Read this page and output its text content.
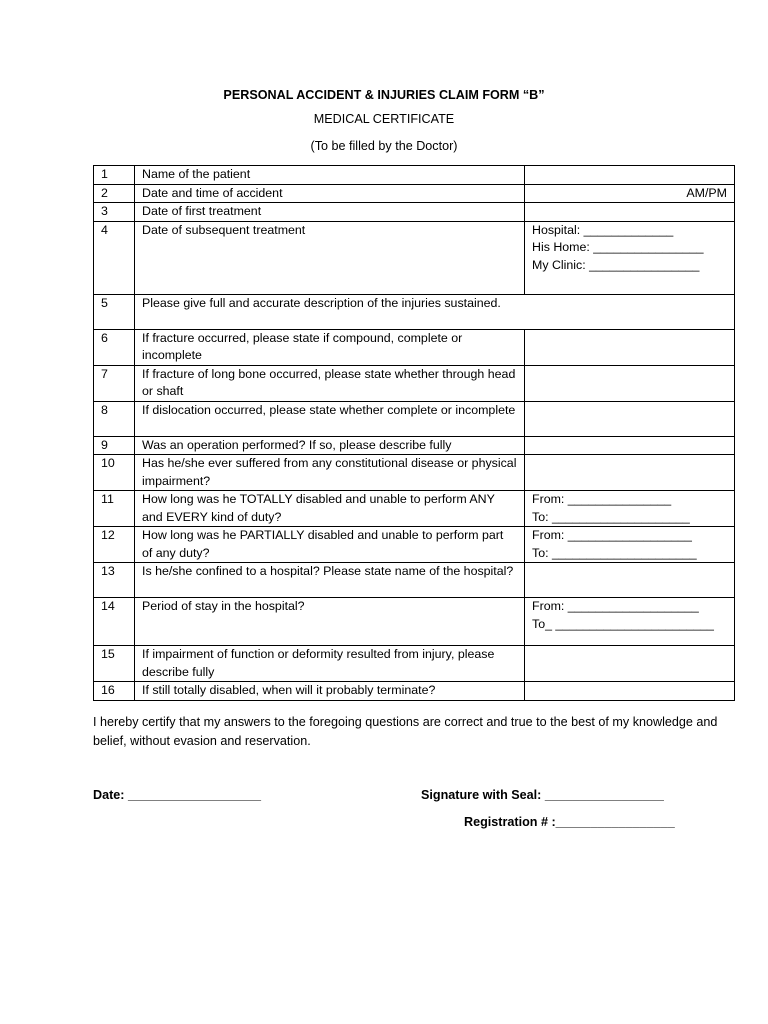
PERSONAL ACCIDENT & INJURIES CLAIM FORM “B”
MEDICAL CERTIFICATE
(To be filled by the Doctor)
1	Name of the patient	
2	Date and time of accident	AM/PM
3	Date of first treatment	
4	Date of subsequent treatment	Hospital: _____________
His Home: ________________
My Clinic: ________________

5	Please give full and accurate description of the injuries sustained.	
6	If fracture occurred, please state if compound, complete or incomplete	
7	If fracture of long bone occurred, please state whether through head or shaft	
8	If dislocation occurred, please state whether complete or incomplete	
9	Was an operation performed? If so, please describe fully	
10	Has he/she ever suffered from any constitutional disease or physical impairment?	
11	How long was he TOTALLY disabled and unable to perform ANY and EVERY kind of duty?	From: _______________
To: ____________________

12	How long was he PARTIALLY disabled and unable to perform part of any duty?	From: __________________
To: _____________________

13	Is he/she confined to a hospital? Please state name of the hospital?	
14	Period of stay in the hospital?	From: ___________________
To_ _______________________

15	If impairment of function or deformity resulted from injury, please describe fully	
16	If still totally disabled, when will it probably terminate?	
I hereby certify that my answers to the foregoing questions are correct and true to the best of my knowledge and belief, without evasion and reservation.
Date: ___________________	Signature with Seal: _________________
Registration # :_________________
